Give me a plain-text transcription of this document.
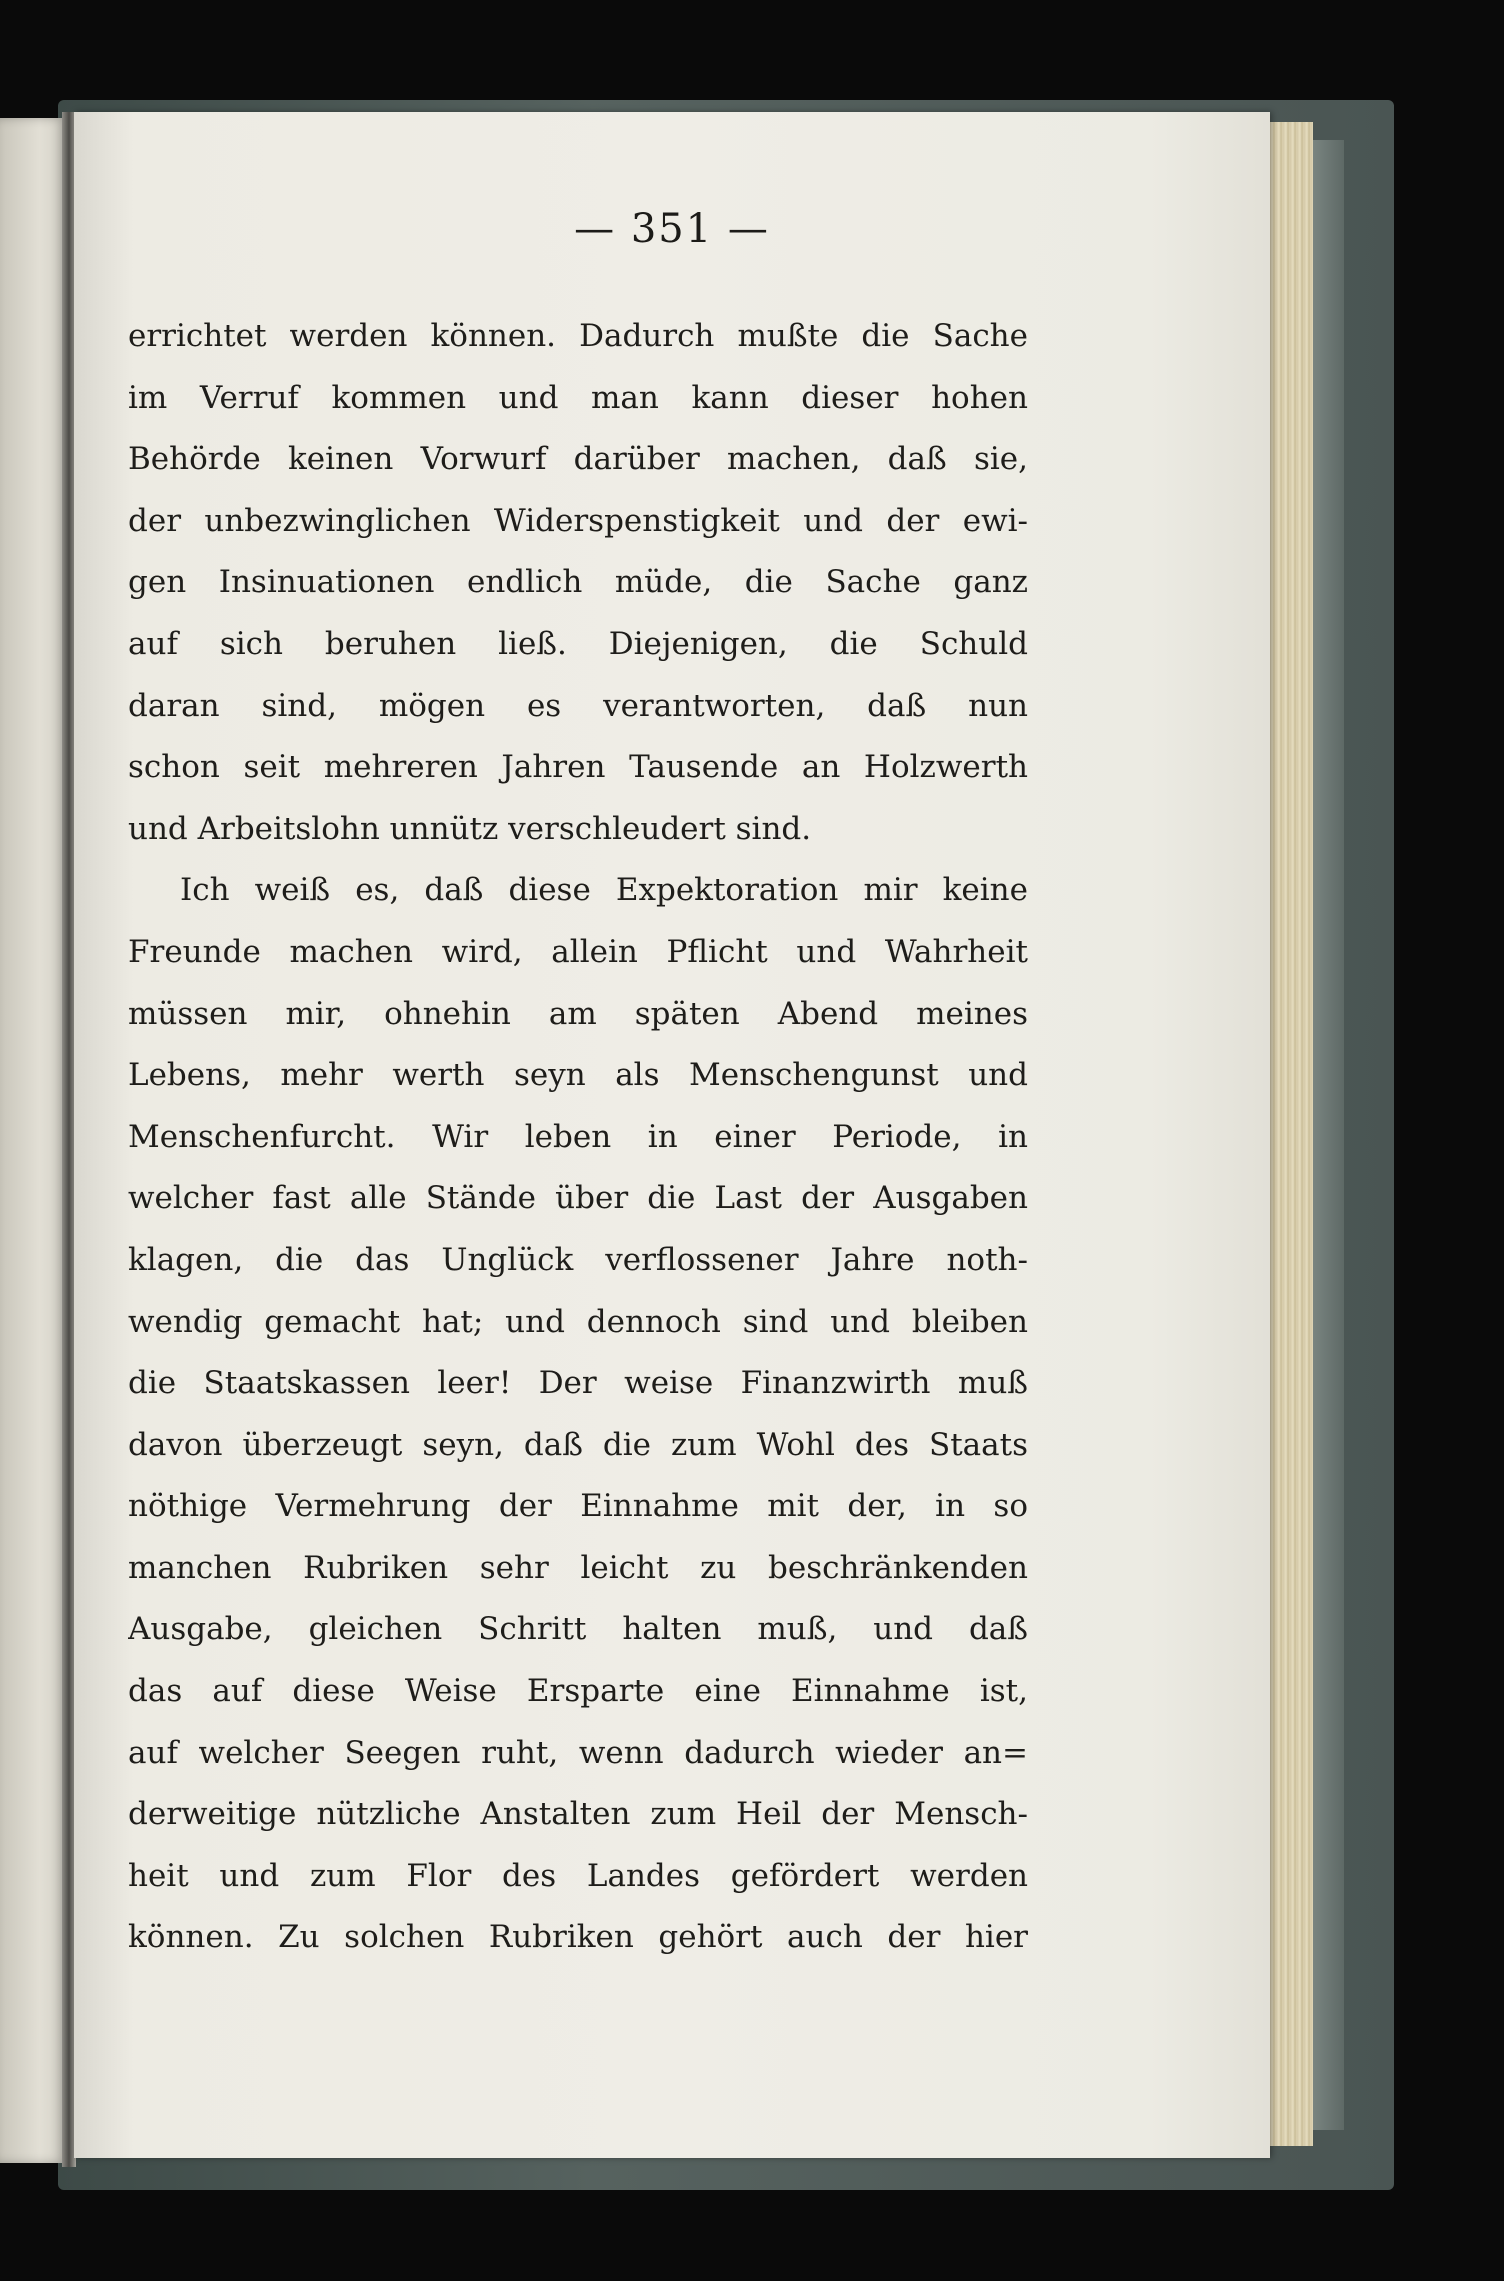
— 351 —
errichtet werden können. Dadurch mußte die Sache
im Verruf kommen und man kann dieser hohen
Behörde keinen Vorwurf darüber machen, daß sie,
der unbezwinglichen Widerspenstigkeit und der ewi-
gen Insinuationen endlich müde, die Sache ganz
auf sich beruhen ließ. Diejenigen, die Schuld
daran sind, mögen es verantworten, daß nun
schon seit mehreren Jahren Tausende an Holzwerth
und Arbeitslohn unnütz verschleudert sind.
Ich weiß es, daß diese Expektoration mir keine
Freunde machen wird, allein Pflicht und Wahrheit
müssen mir, ohnehin am späten Abend meines
Lebens, mehr werth seyn als Menschengunst und
Menschenfurcht. Wir leben in einer Periode, in
welcher fast alle Stände über die Last der Ausgaben
klagen, die das Unglück verflossener Jahre noth-
wendig gemacht hat; und dennoch sind und bleiben
die Staatskassen leer! Der weise Finanzwirth muß
davon überzeugt seyn, daß die zum Wohl des Staats
nöthige Vermehrung der Einnahme mit der, in so
manchen Rubriken sehr leicht zu beschränkenden
Ausgabe, gleichen Schritt halten muß, und daß
das auf diese Weise Ersparte eine Einnahme ist,
auf welcher Seegen ruht, wenn dadurch wieder an=
derweitige nützliche Anstalten zum Heil der Mensch-
heit und zum Flor des Landes gefördert werden
können. Zu solchen Rubriken gehört auch der hier
